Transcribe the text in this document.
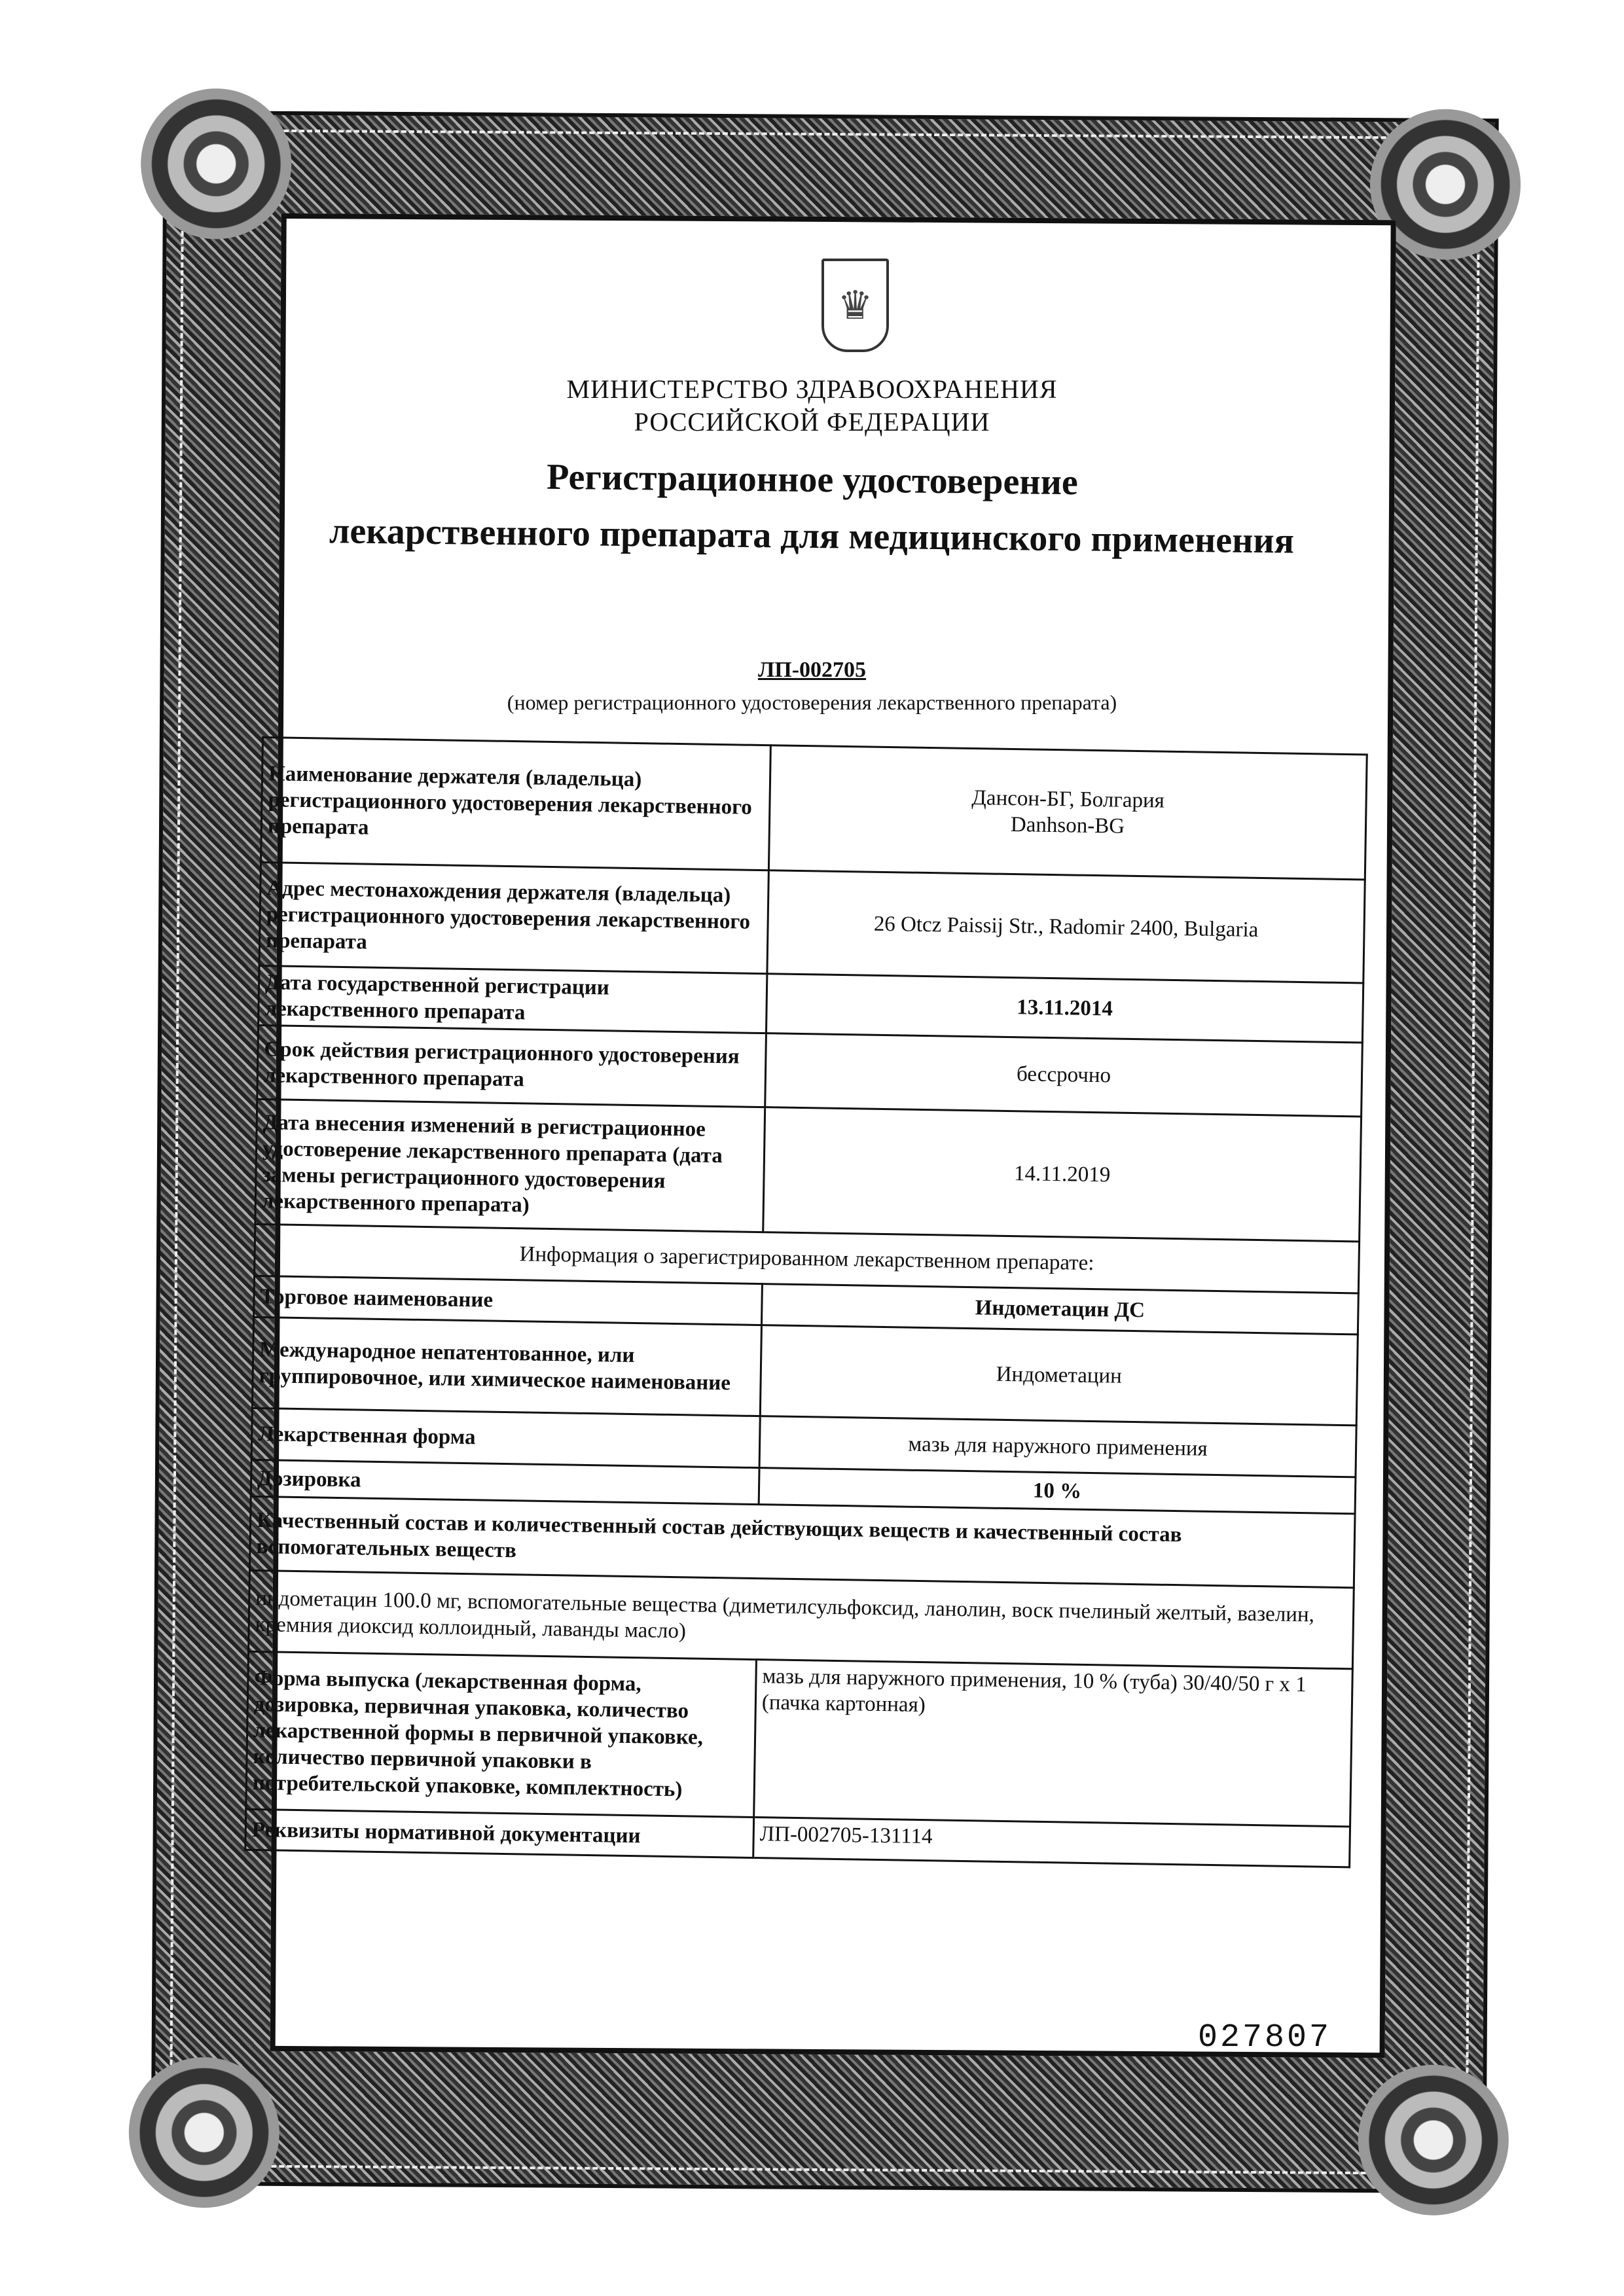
♛
МИНИСТЕРСТВО ЗДРАВООХРАНЕНИЯ
РОССИЙСКОЙ ФЕДЕРАЦИИ
Регистрационное удостоверение
лекарственного препарата для медицинского применения
ЛП-002705
(номер регистрационного удостоверения лекарственного препарата)
Наименование держателя (владельца) регистрационного удостоверения лекарственного препарата	Дансон-БГ, Болгария
Danhson-BG

Адрес местонахождения держателя (владельца) регистрационного удостоверения лекарственного препарата	26 Otcz Paissij Str., Radomir 2400, Bulgaria
Дата государственной регистрации лекарственного препарата	13.11.2014
Срок действия регистрационного удостоверения лекарственного препарата	бессрочно
Дата внесения изменений в регистрационное удостоверение лекарственного препарата (дата замены регистрационного удостоверения лекарственного препарата)	14.11.2019
Информация о зарегистрированном лекарственном препарате:	
Торговое наименование	Индометацин ДС
Международное непатентованное, или группировочное, или химическое наименование	Индометацин
Лекарственная форма	мазь для наружного применения
Дозировка	10 %
Качественный состав и количественный состав действующих веществ и качественный состав вспомогательных веществ	
индометацин 100.0 мг, вспомогательные вещества (диметилсульфоксид, ланолин, воск пчелиный желтый, вазелин, кремния диоксид коллоидный, лаванды масло)	
Форма выпуска (лекарственная форма, дозировка, первичная упаковка, количество лекарственной формы в первичной упаковке, количество первичной упаковки в потребительской упаковке, комплектность)	мазь для наружного применения, 10 % (туба) 30/40/50 г х 1 (пачка картонная)
Реквизиты нормативной документации	ЛП-002705-131114
027807
